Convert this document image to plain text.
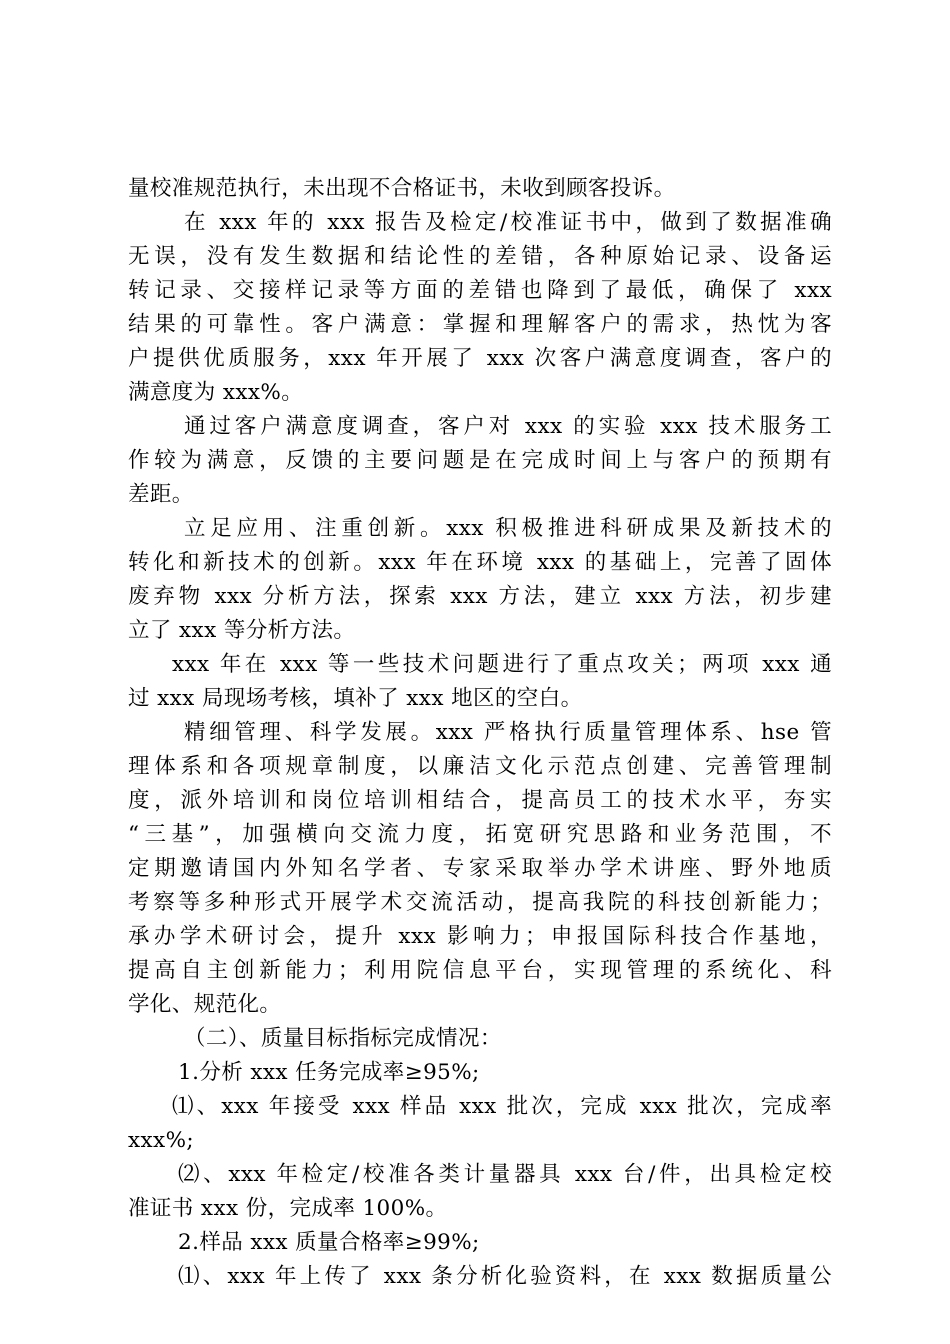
量校准规范执行，未出现不合格证书，未收到顾客投诉。
在 xxx 年的 xxx 报告及检定/校准证书中，做到了数据准确
无误，没有发生数据和结论性的差错，各种原始记录、设备运
转记录、交接样记录等方面的差错也降到了最低，确保了 xxx
结果的可靠性。客户满意：掌握和理解客户的需求，热忱为客
户提供优质服务，xxx 年开展了 xxx 次客户满意度调查，客户的
满意度为 xxx%。
通过客户满意度调查，客户对 xxx 的实验 xxx 技术服务工
作较为满意，反馈的主要问题是在完成时间上与客户的预期有
差距。
立足应用、注重创新。xxx 积极推进科研成果及新技术的
转化和新技术的创新。xxx 年在环境 xxx 的基础上，完善了固体
废弃物 xxx 分析方法，探索 xxx 方法，建立 xxx 方法，初步建
立了 xxx 等分析方法。
xxx 年在 xxx 等一些技术问题进行了重点攻关；两项 xxx 通
过 xxx 局现场考核，填补了 xxx 地区的空白。
精细管理、科学发展。xxx 严格执行质量管理体系、hse 管
理体系和各项规章制度，以廉洁文化示范点创建、完善管理制
度，派外培训和岗位培训相结合，提高员工的技术水平，夯实
“三基”，加强横向交流力度，拓宽研究思路和业务范围，不
定期邀请国内外知名学者、专家采取举办学术讲座、野外地质
考察等多种形式开展学术交流活动，提高我院的科技创新能力；
承办学术研讨会，提升 xxx 影响力；申报国际科技合作基地，
提高自主创新能力；利用院信息平台，实现管理的系统化、科
学化、规范化。
（二）、质量目标指标完成情况：
1.分析 xxx 任务完成率≥95%;
⑴、xxx 年接受 xxx 样品 xxx 批次，完成 xxx 批次，完成率
xxx%;
⑵、xxx 年检定/校准各类计量器具 xxx 台/件，出具检定校
准证书 xxx 份，完成率 100%。
2.样品 xxx 质量合格率≥99%;
⑴、xxx 年上传了 xxx 条分析化验资料，在 xxx 数据质量公
